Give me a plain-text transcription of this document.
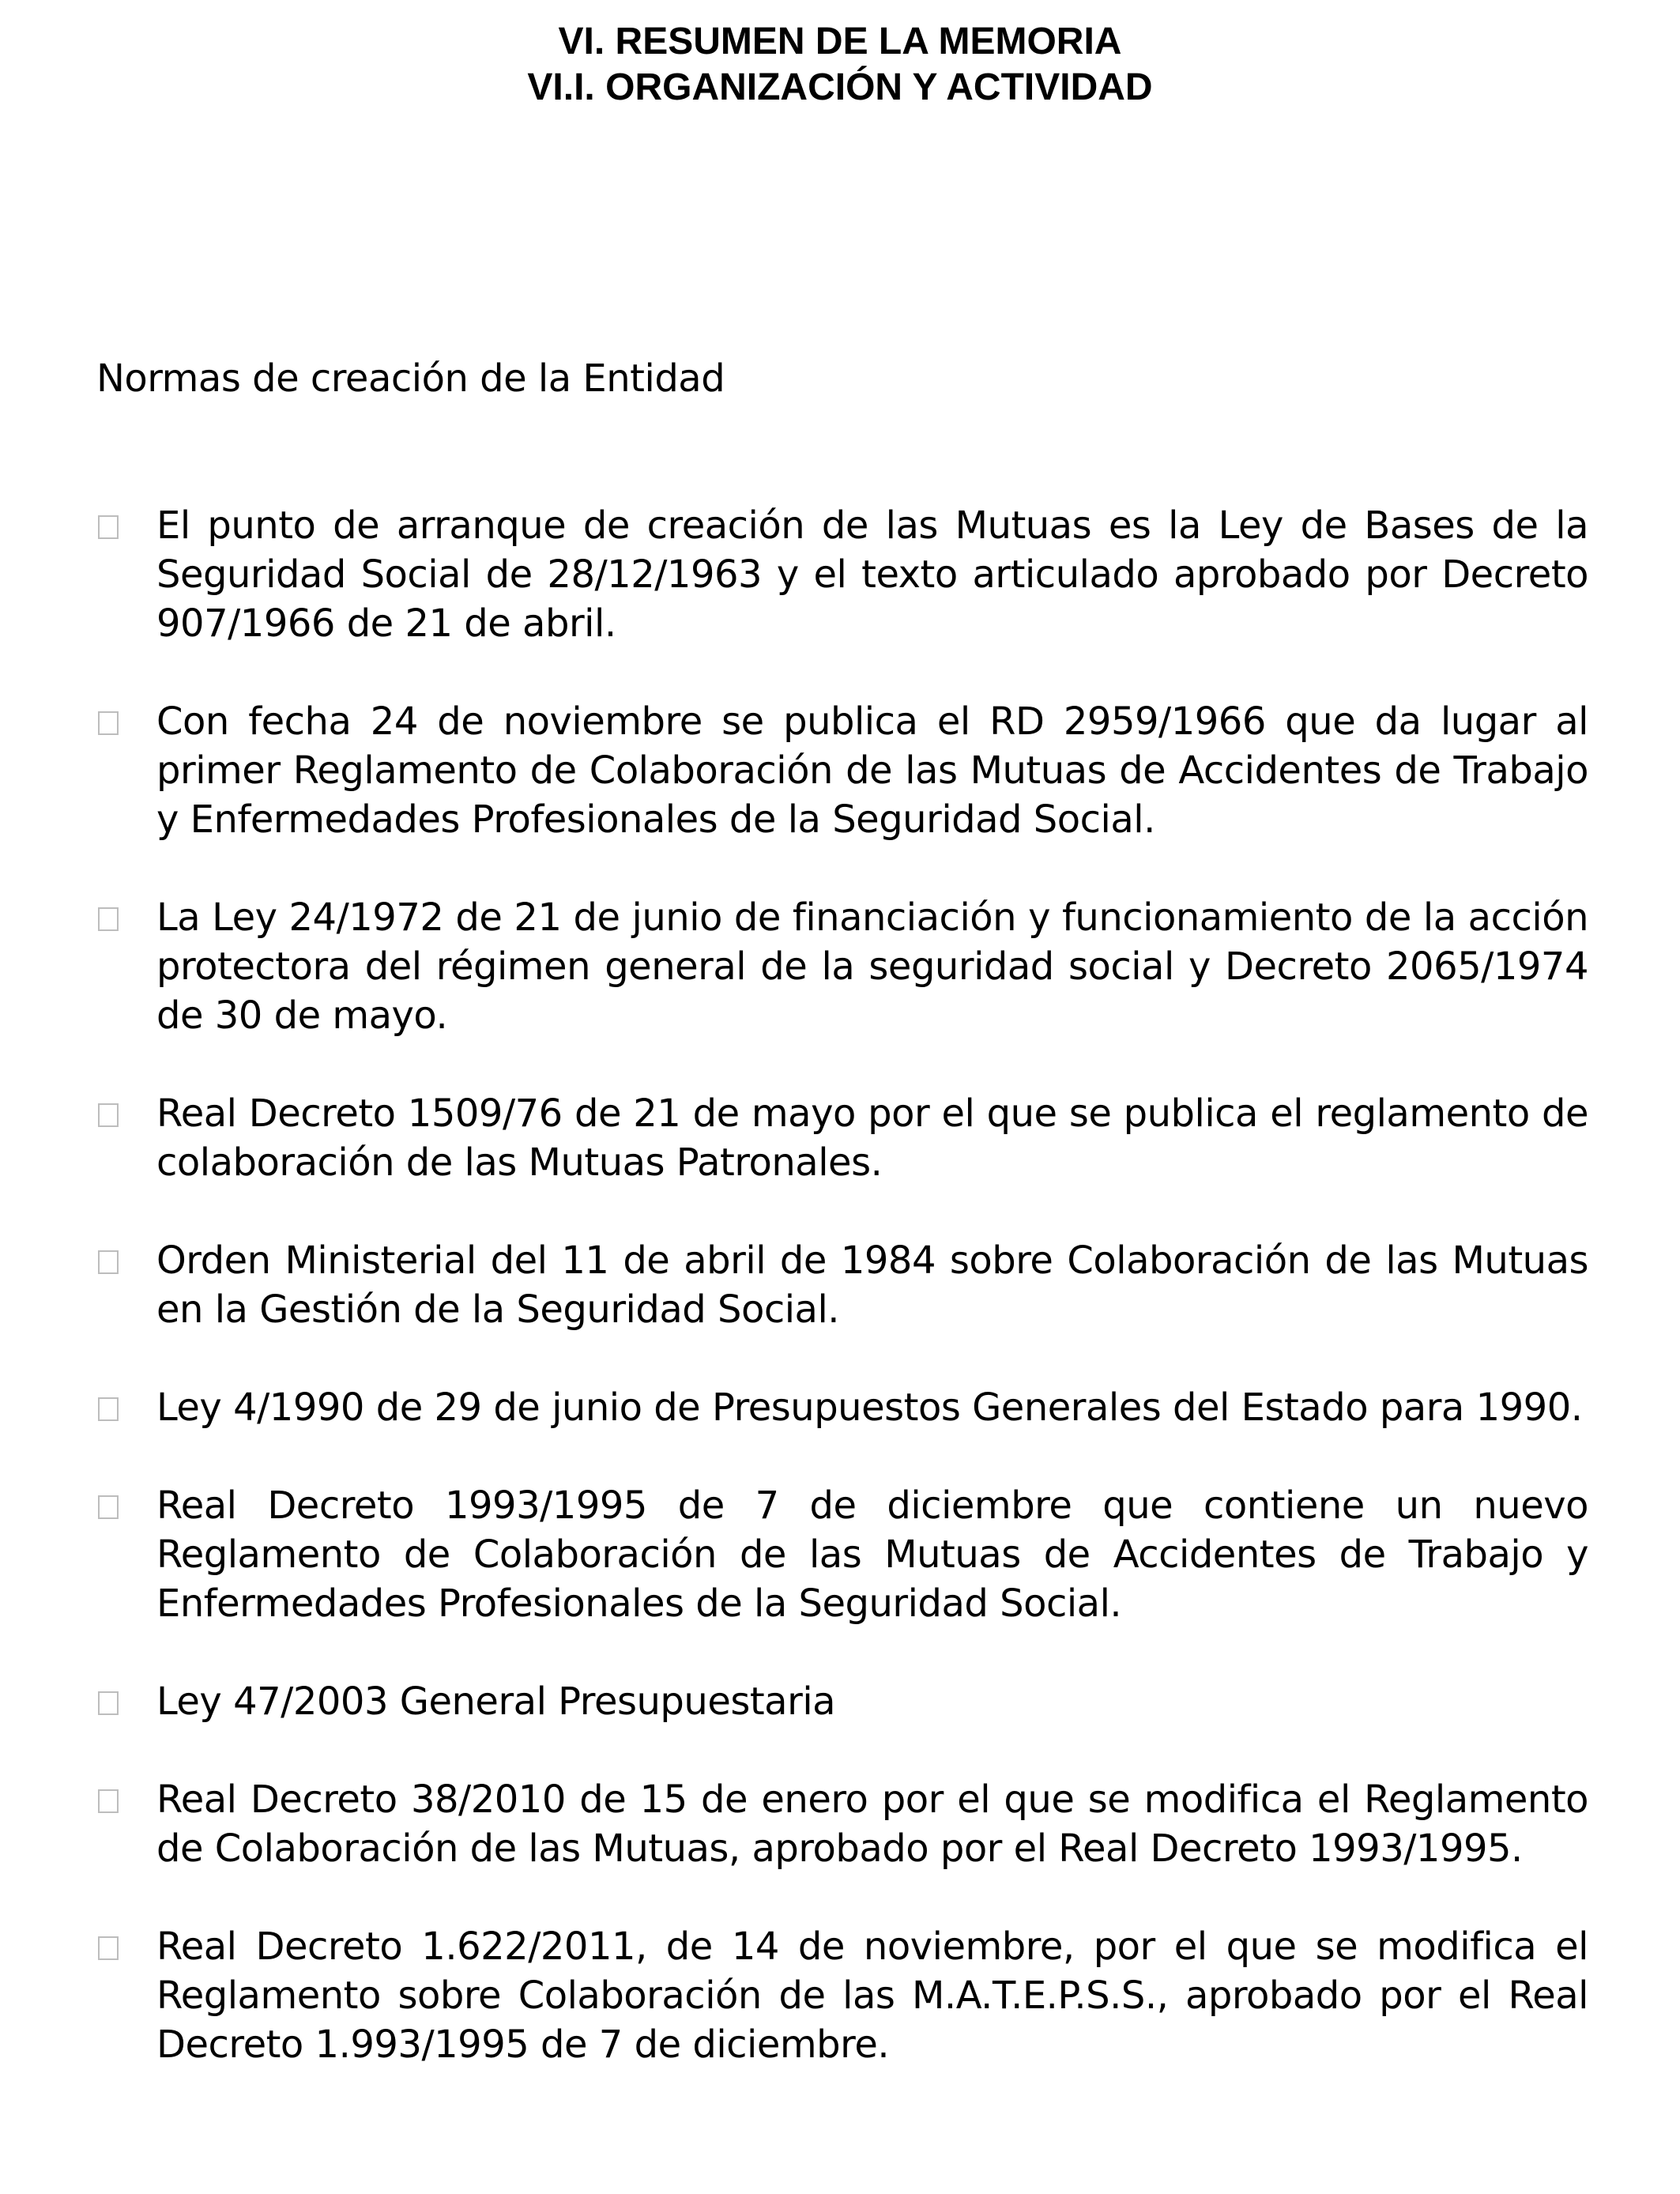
VI. RESUMEN DE LA MEMORIA
VI.I. ORGANIZACIÓN Y ACTIVIDAD
Normas de creación de la Entidad
El punto de arranque de creación de las Mutuas es la Ley de Bases de la Seguridad Social de 28/12/1963 y el texto articulado aprobado por Decreto 907/1966 de 21 de abril.
Con fecha 24 de noviembre se publica el RD 2959/1966 que da lugar al primer Reglamento de Colaboración de las Mutuas de Accidentes de Trabajo y Enfermedades Profesionales de la Seguridad Social.
La Ley 24/1972 de 21 de junio de financiación y funcionamiento de la acción protectora del régimen general de la seguridad social y Decreto 2065/1974 de 30 de mayo.
Real Decreto 1509/76 de 21 de mayo por el que se publica el reglamento de colaboración de las Mutuas Patronales.
Orden Ministerial del 11 de abril de 1984 sobre Colaboración de las Mutuas en la Gestión de la Seguridad Social.
Ley 4/1990 de 29 de junio de Presupuestos Generales del Estado para 1990.
Real Decreto 1993/1995 de 7 de diciembre que contiene un nuevo Reglamento de Colaboración de las Mutuas de Accidentes de Trabajo y Enfermedades Profesionales de la Seguridad Social.
Ley 47/2003 General Presupuestaria
Real Decreto 38/2010 de 15 de enero por el que se modifica el Reglamento de Colaboración de las Mutuas, aprobado por el Real Decreto 1993/1995.
Real Decreto 1.622/2011, de 14 de noviembre, por el que se modifica el Reglamento sobre Colaboración de las M.A.T.E.P.S.S., aprobado por el Real Decreto 1.993/1995 de 7 de diciembre.
